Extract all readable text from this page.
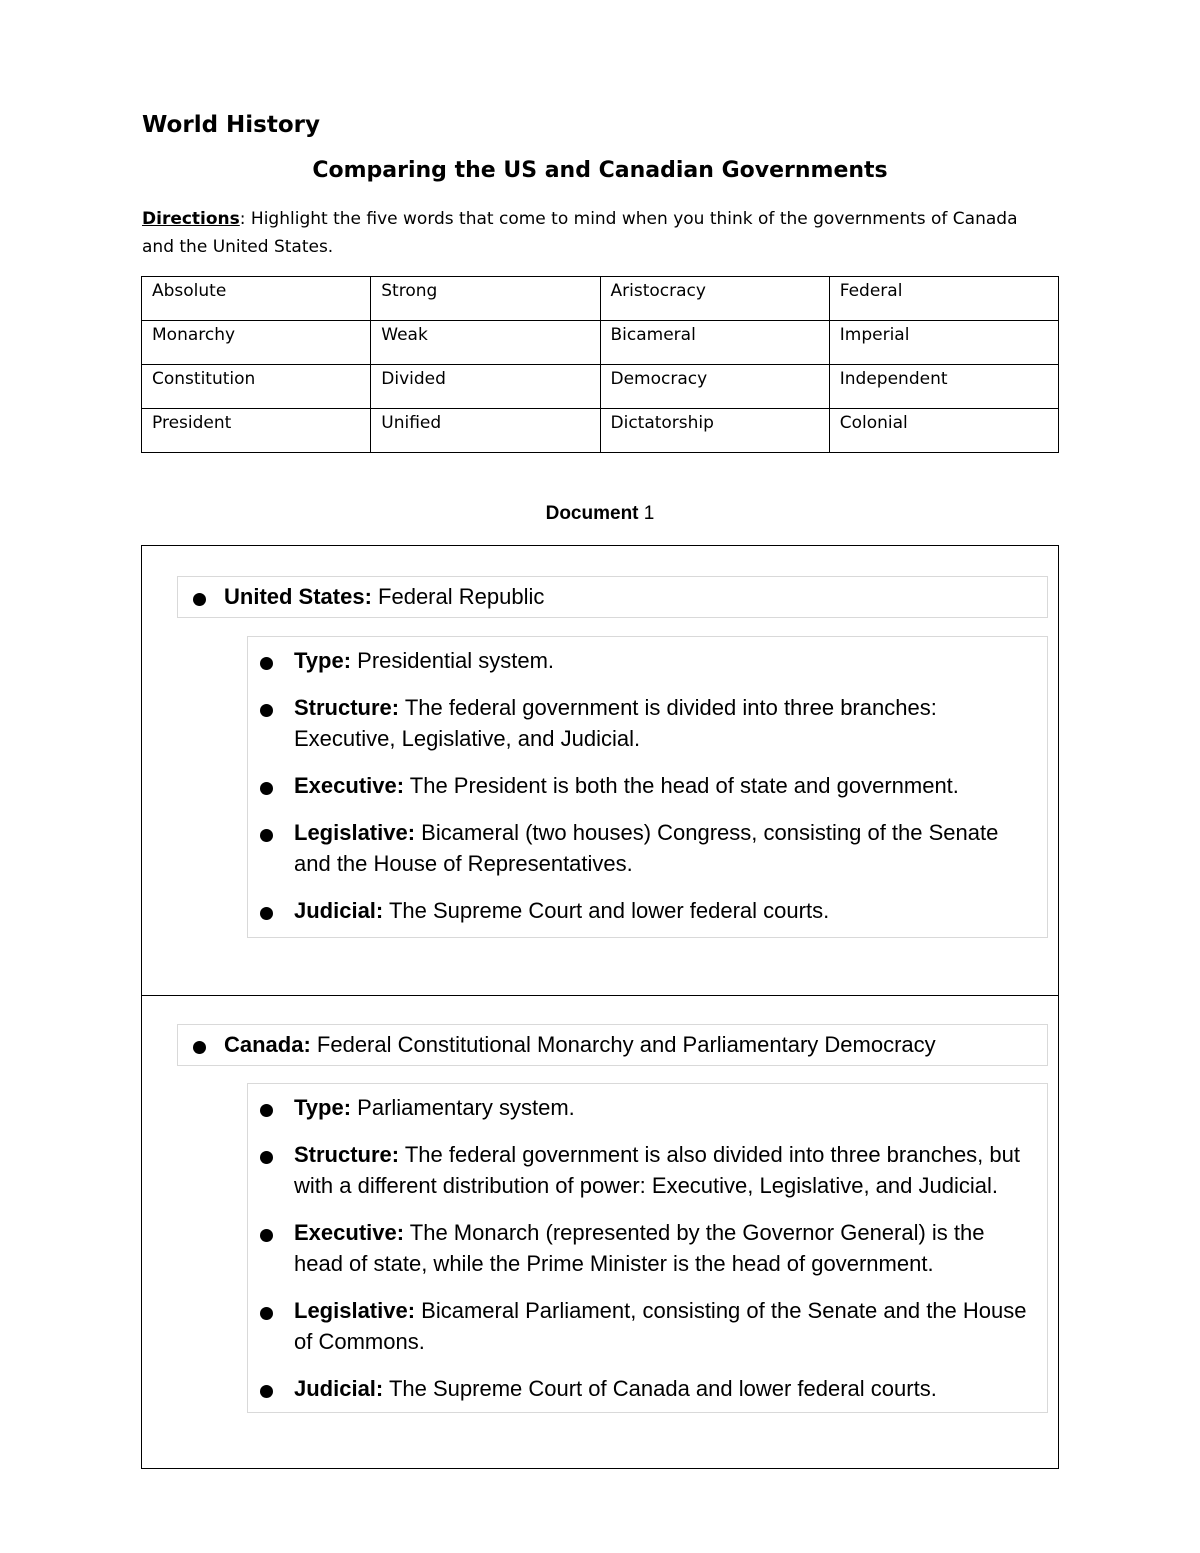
World History
Comparing the US and Canadian Governments

Directions: Highlight the five words that come to mind when you think of the governments of Canada and the United States.

Absolute	Strong	Aristocracy	Federal
Monarchy	Weak	Bicameral	Imperial
Constitution	Divided	Democracy	Independent
President	Unified	Dictatorship	Colonial

Document 1

United States: Federal Republic
Type: Presidential system.
Structure: The federal government is divided into three branches: Executive, Legislative, and Judicial.
Executive: The President is both the head of state and government.
Legislative: Bicameral (two houses) Congress, consisting of the Senate and the House of Representatives.
Judicial: The Supreme Court and lower federal courts.
Canada: Federal Constitutional Monarchy and Parliamentary Democracy
Type: Parliamentary system.
Structure: The federal government is also divided into three branches, but with a different distribution of power: Executive, Legislative, and Judicial.
Executive: The Monarch (represented by the Governor General) is the head of state, while the Prime Minister is the head of government.
Legislative: Bicameral Parliament, consisting of the Senate and the House of Commons.
Judicial: The Supreme Court of Canada and lower federal courts.
